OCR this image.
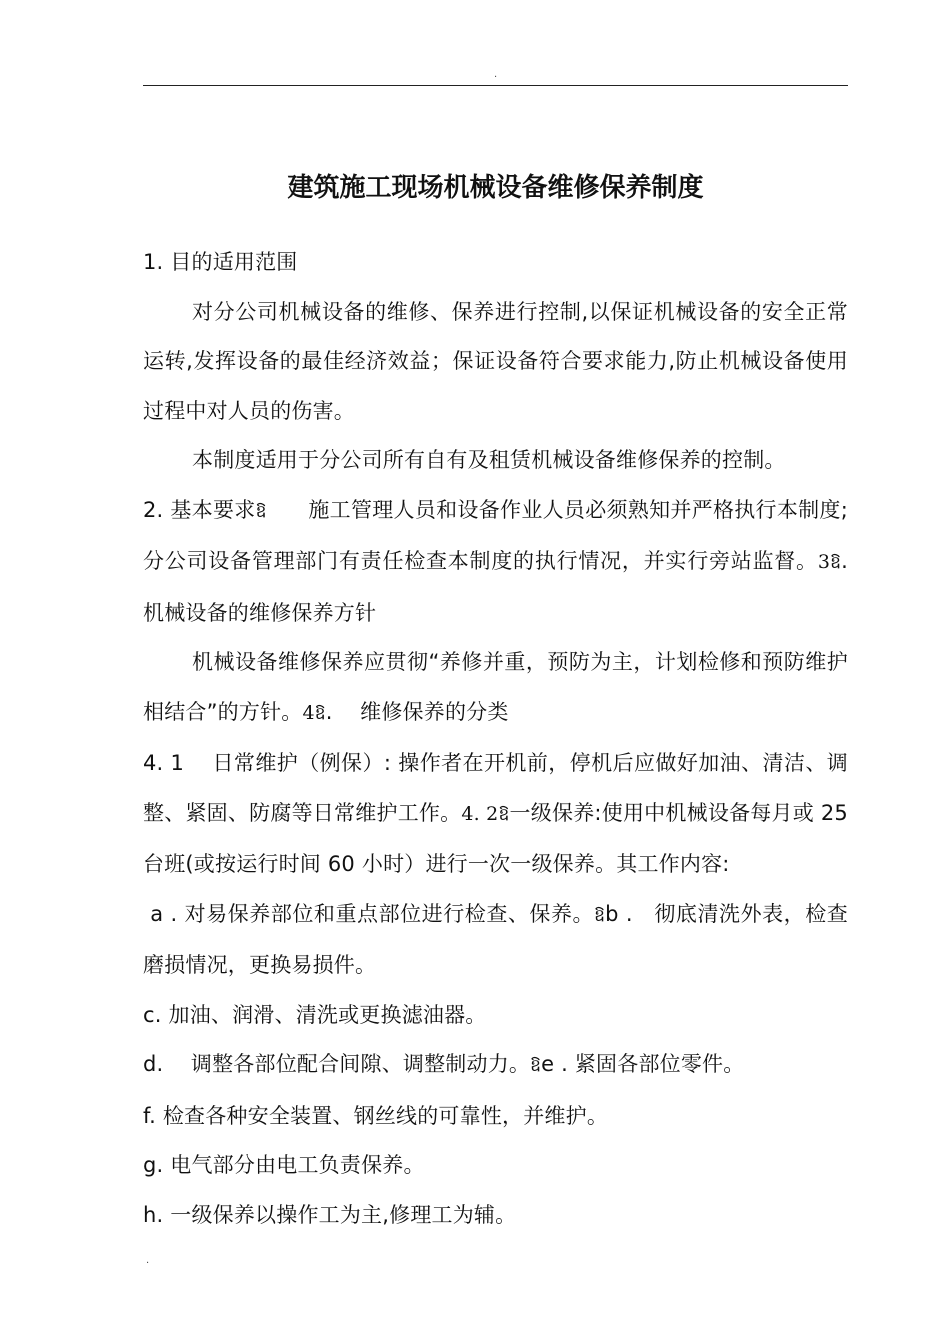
.
建筑施工现场机械设备维修保养制度

1. 目的适用范围

对分公司机械设备的维修、保养进行控制,以保证机械设备的安全正常运转,发挥设备的最佳经济效益；保证设备符合要求能力,防止机械设备使用过程中对人员的伤害。

本制度适用于分公司所有自有及租赁机械设备维修保养的控制。

2. 基本要求ឱ 施工管理人员和设备作业人员必须熟知并严格执行本制度;分公司设备管理部门有责任检查本制度的执行情况，并实行旁站监督。3ឱ. 机械设备的维修保养方针

机械设备维修保养应贯彻“养修并重，预防为主，计划检修和预防维护相结合”的方针。4ឱ.    维修保养的分类

4. 1    日常维护（例保）: 操作者在开机前，停机后应做好加油、清洁、调整、紧固、防腐等日常维护工作。4. 2ឱ一级保养:使用中机械设备每月或 25 台班(或按运行时间 60 小时）进行一次一级保养。其工作内容:

a . 对易保养部位和重点部位进行检查、保养。ឱb .   彻底清洗外表，检查磨损情况，更换易损件。

c. 加油、润滑、清洗或更换滤油器。

d.    调整各部位配合间隙、调整制动力。ឱe . 紧固各部位零件。

f. 检查各种安全装置、钢丝线的可靠性，并维护。

g. 电气部分由电工负责保养。

h. 一级保养以操作工为主,修理工为辅。

.
